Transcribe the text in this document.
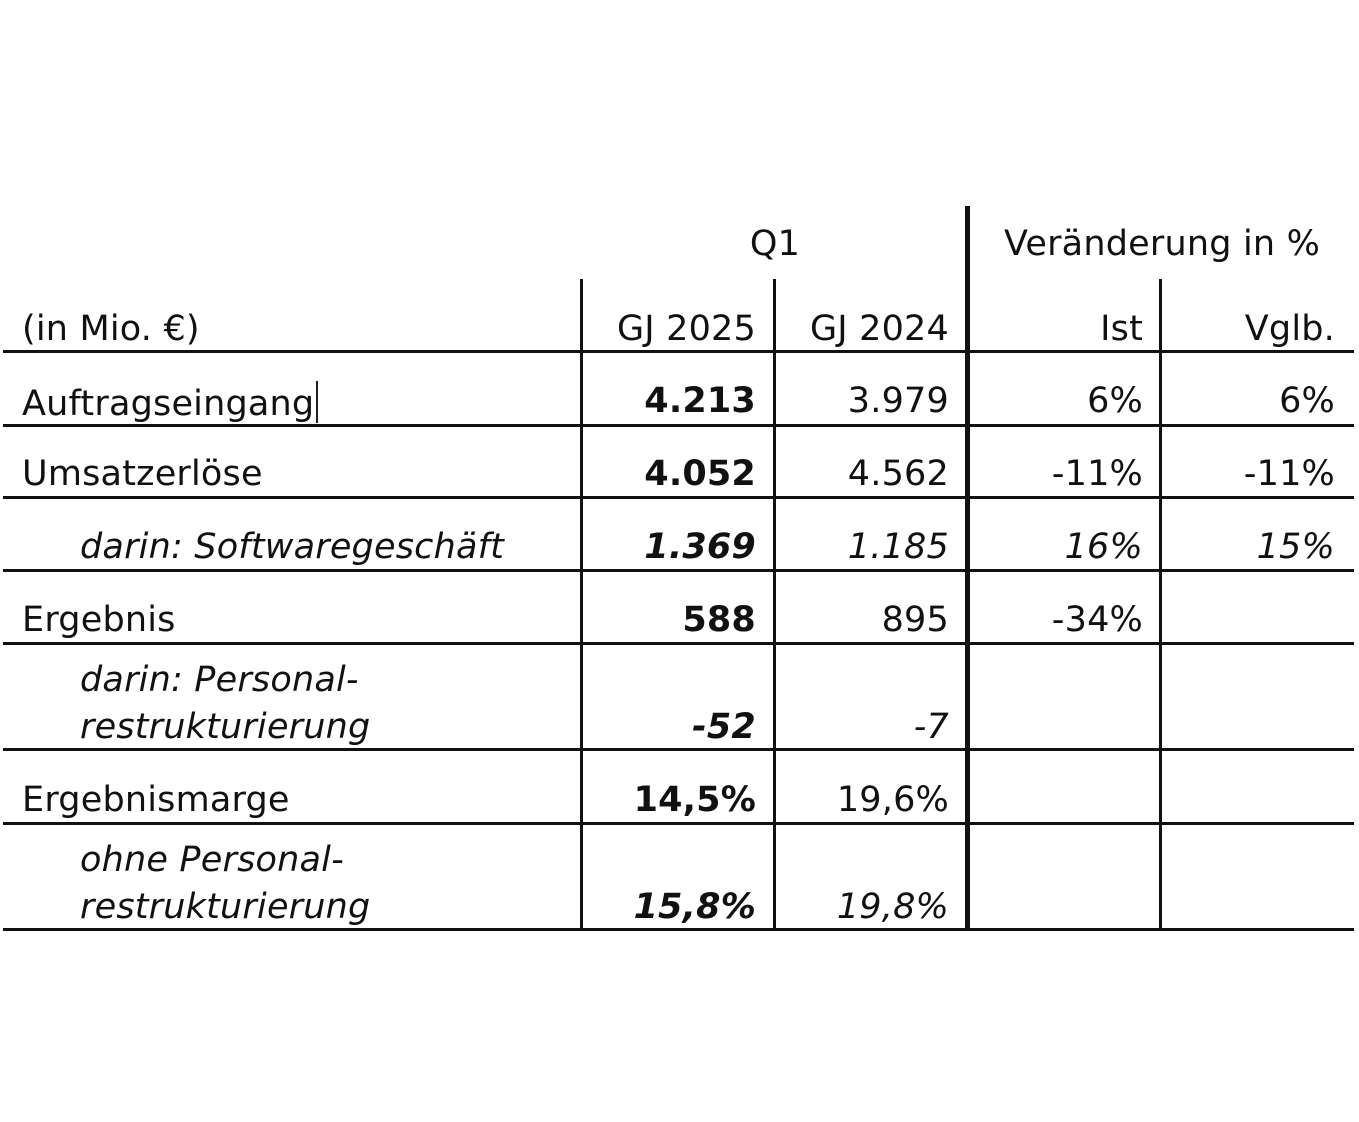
Q1	Veränderung in %
(in Mio. €)	GJ 2025	GJ 2024	Ist	Vglb.
Auftragseingang	4.213	3.979	6%	6%
Umsatzerlöse	4.052	4.562	-11%	-11%
darin: Softwaregeschäft	1.369	1.185	16%	15%
Ergebnis	588	895	-34%
darin: Personal-
restrukturierung	-52	-7
Ergebnismarge	14,5%	19,6%
ohne Personal-
restrukturierung	15,8%	19,8%
